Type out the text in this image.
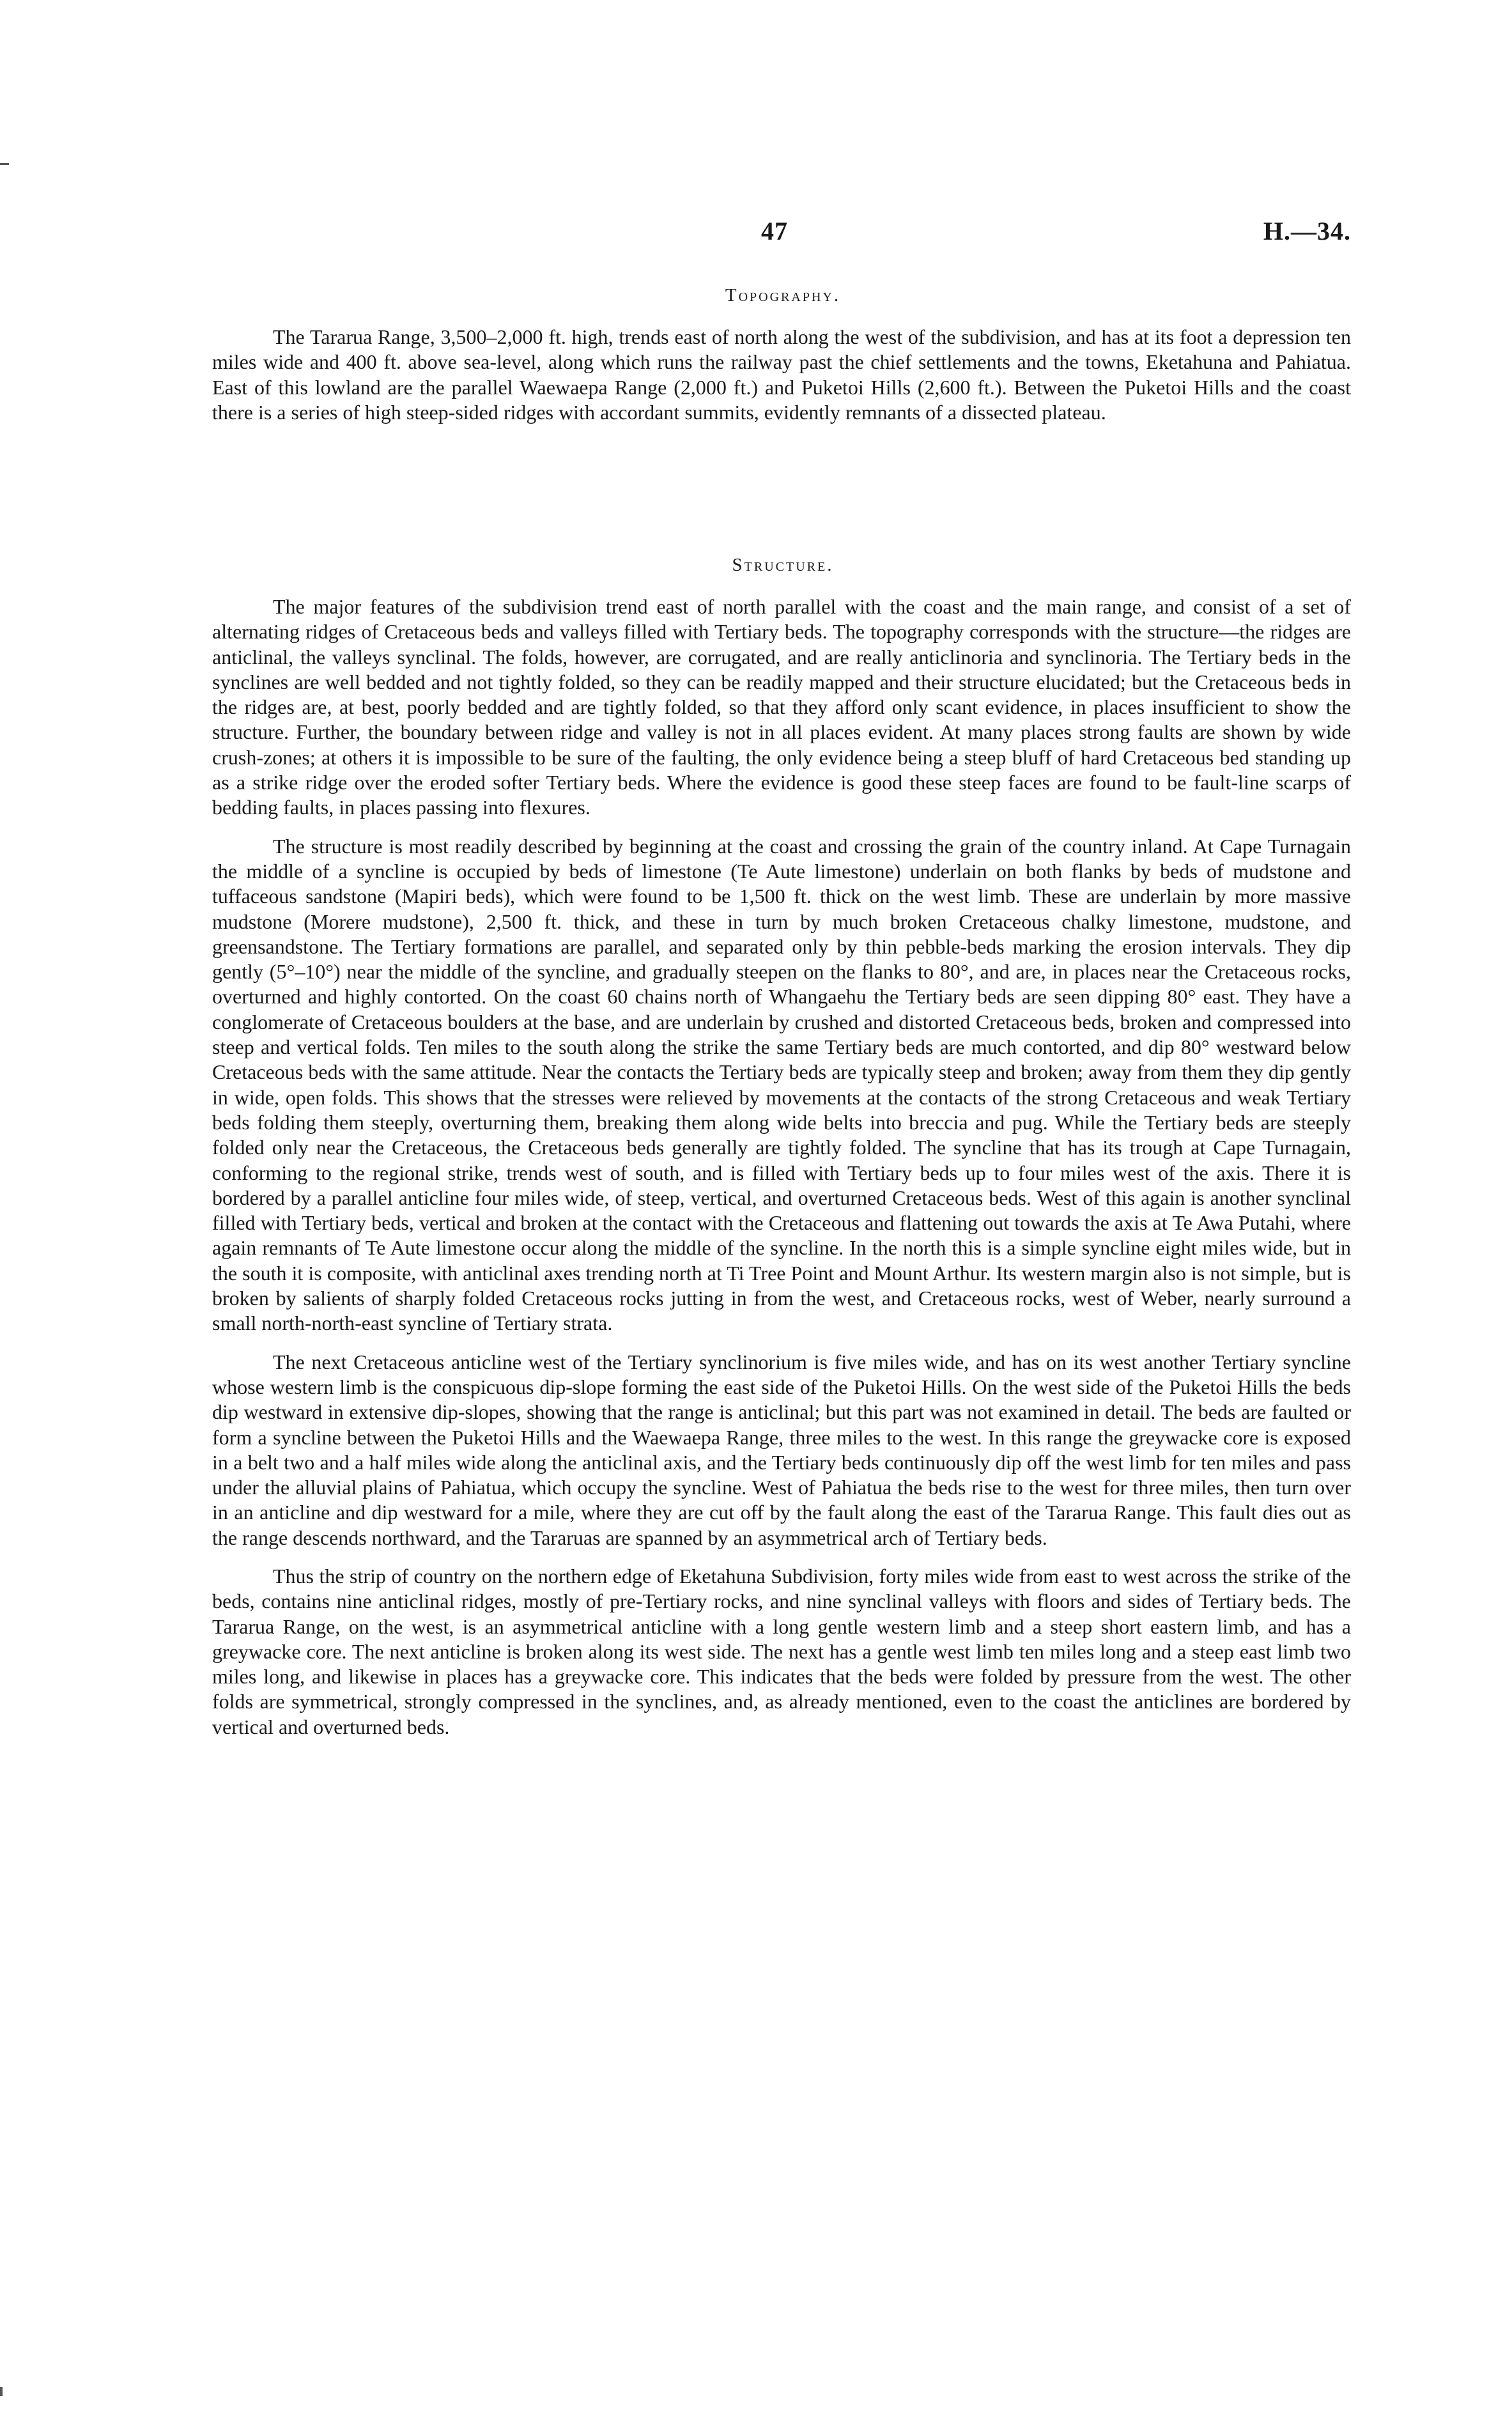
47	H.—34.
Topography.

The Tararua Range, 3,500–2,000 ft. high, trends east of north along the west of the subdivision, and has at its foot a depression ten miles wide and 400 ft. above sea-level, along which runs the railway past the chief settlements and the towns, Eketahuna and Pahiatua. East of this lowland are the parallel Waewaepa Range (2,000 ft.) and Puketoi Hills (2,600 ft.). Between the Puketoi Hills and the coast there is a series of high steep-sided ridges with accordant summits, evidently remnants of a dissected plateau.

Structure.

The major features of the subdivision trend east of north parallel with the coast and the main range, and consist of a set of alternating ridges of Cretaceous beds and valleys filled with Tertiary beds. The topography corresponds with the structure—the ridges are anticlinal, the valleys synclinal. The folds, however, are corrugated, and are really anticlinoria and synclinoria. The Tertiary beds in the synclines are well bedded and not tightly folded, so they can be readily mapped and their structure elucidated; but the Cretaceous beds in the ridges are, at best, poorly bedded and are tightly folded, so that they afford only scant evidence, in places insufficient to show the structure. Further, the boundary between ridge and valley is not in all places evident. At many places strong faults are shown by wide crush-zones; at others it is impossible to be sure of the faulting, the only evidence being a steep bluff of hard Cretaceous bed standing up as a strike ridge over the eroded softer Tertiary beds. Where the evidence is good these steep faces are found to be fault-line scarps of bedding faults, in places passing into flexures.

The structure is most readily described by beginning at the coast and crossing the grain of the country inland. At Cape Turnagain the middle of a syncline is occupied by beds of limestone (Te Aute limestone) underlain on both flanks by beds of mudstone and tuffaceous sandstone (Mapiri beds), which were found to be 1,500 ft. thick on the west limb. These are underlain by more massive mudstone (Morere mudstone), 2,500 ft. thick, and these in turn by much broken Cretaceous chalky limestone, mudstone, and greensandstone. The Tertiary formations are parallel, and separated only by thin pebble-beds marking the erosion intervals. They dip gently (5°–10°) near the middle of the syncline, and gradually steepen on the flanks to 80°, and are, in places near the Cretaceous rocks, overturned and highly contorted. On the coast 60 chains north of Whangaehu the Tertiary beds are seen dipping 80° east. They have a conglomerate of Cretaceous boulders at the base, and are underlain by crushed and distorted Cretaceous beds, broken and compressed into steep and vertical folds. Ten miles to the south along the strike the same Tertiary beds are much contorted, and dip 80° westward below Cretaceous beds with the same attitude. Near the contacts the Tertiary beds are typically steep and broken; away from them they dip gently in wide, open folds. This shows that the stresses were relieved by movements at the contacts of the strong Cretaceous and weak Tertiary beds folding them steeply, overturning them, breaking them along wide belts into breccia and pug. While the Tertiary beds are steeply folded only near the Cretaceous, the Cretaceous beds generally are tightly folded. The syncline that has its trough at Cape Turnagain, conforming to the regional strike, trends west of south, and is filled with Tertiary beds up to four miles west of the axis. There it is bordered by a parallel anticline four miles wide, of steep, vertical, and overturned Cretaceous beds. West of this again is another synclinal filled with Tertiary beds, vertical and broken at the contact with the Cretaceous and flattening out towards the axis at Te Awa Putahi, where again remnants of Te Aute limestone occur along the middle of the syncline. In the north this is a simple syncline eight miles wide, but in the south it is composite, with anticlinal axes trending north at Ti Tree Point and Mount Arthur. Its western margin also is not simple, but is broken by salients of sharply folded Cretaceous rocks jutting in from the west, and Cretaceous rocks, west of Weber, nearly surround a small north-north-east syncline of Tertiary strata.

The next Cretaceous anticline west of the Tertiary synclinorium is five miles wide, and has on its west another Tertiary syncline whose western limb is the conspicuous dip-slope forming the east side of the Puketoi Hills. On the west side of the Puketoi Hills the beds dip westward in extensive dip-slopes, showing that the range is anticlinal; but this part was not examined in detail. The beds are faulted or form a syncline between the Puketoi Hills and the Waewaepa Range, three miles to the west. In this range the greywacke core is exposed in a belt two and a half miles wide along the anticlinal axis, and the Tertiary beds continuously dip off the west limb for ten miles and pass under the alluvial plains of Pahiatua, which occupy the syncline. West of Pahiatua the beds rise to the west for three miles, then turn over in an anticline and dip westward for a mile, where they are cut off by the fault along the east of the Tararua Range. This fault dies out as the range descends northward, and the Tararuas are spanned by an asymmetrical arch of Tertiary beds.

Thus the strip of country on the northern edge of Eketahuna Subdivision, forty miles wide from east to west across the strike of the beds, contains nine anticlinal ridges, mostly of pre-Tertiary rocks, and nine synclinal valleys with floors and sides of Tertiary beds. The Tararua Range, on the west, is an asymmetrical anticline with a long gentle western limb and a steep short eastern limb, and has a greywacke core. The next anticline is broken along its west side. The next has a gentle west limb ten miles long and a steep east limb two miles long, and likewise in places has a greywacke core. This indicates that the beds were folded by pressure from the west. The other folds are symmetrical, strongly compressed in the synclines, and, as already mentioned, even to the coast the anticlines are bordered by vertical and overturned beds.
